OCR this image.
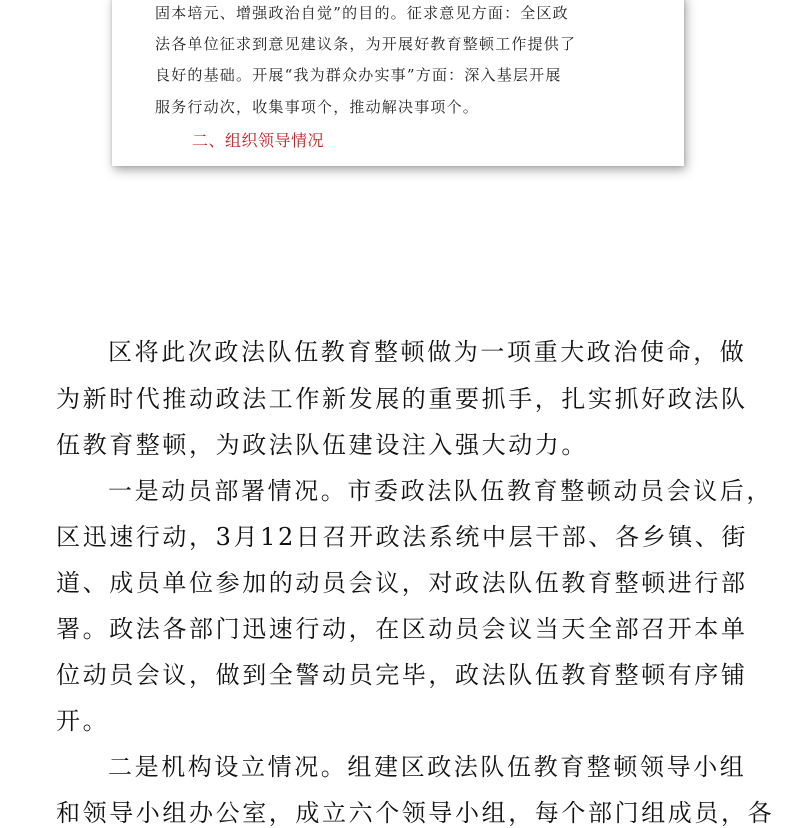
固本培元、增强政治自觉”的目的。征求意见方面：全区政
法各单位征求到意见建议条，为开展好教育整顿工作提供了
良好的基础。开展“我为群众办实事”方面：深入基层开展
服务行动次，收集事项个，推动解决事项个。
二、组织领导情况
区将此次政法队伍教育整顿做为一项重大政治使命，做
为新时代推动政法工作新发展的重要抓手，扎实抓好政法队
伍教育整顿，为政法队伍建设注入强大动力。
一是动员部署情况。市委政法队伍教育整顿动员会议后，
区迅速行动，3月12日召开政法系统中层干部、各乡镇、街
道、成员单位参加的动员会议，对政法队伍教育整顿进行部
署。政法各部门迅速行动，在区动员会议当天全部召开本单
位动员会议，做到全警动员完毕，政法队伍教育整顿有序铺
开。
二是机构设立情况。组建区政法队伍教育整顿领导小组
和领导小组办公室，成立六个领导小组，每个部门组成员，各
